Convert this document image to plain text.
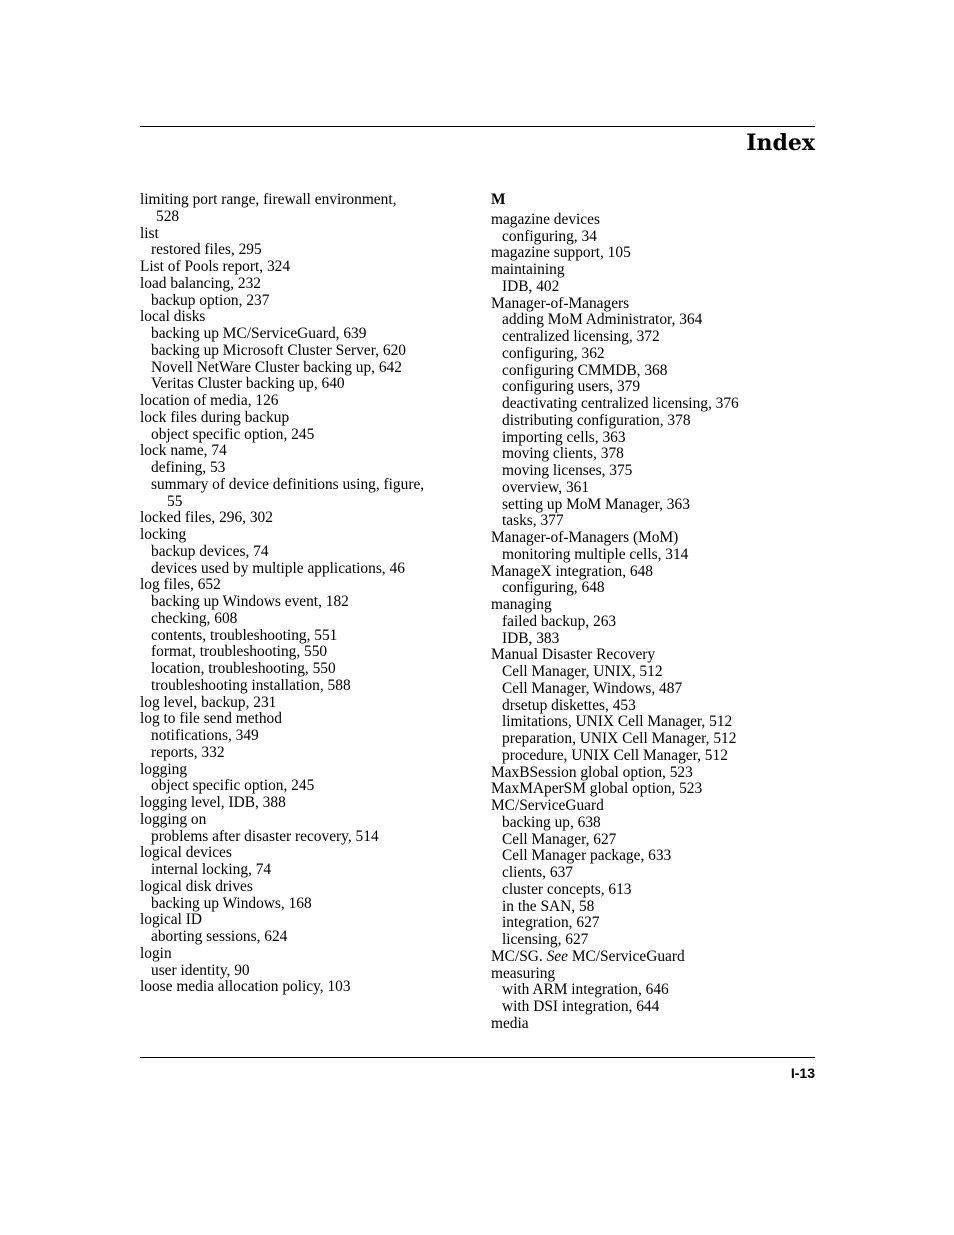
Index
limiting port range, firewall environment,
528
list
restored files, 295
List of Pools report, 324
load balancing, 232
backup option, 237
local disks
backing up MC/ServiceGuard, 639
backing up Microsoft Cluster Server, 620
Novell NetWare Cluster backing up, 642
Veritas Cluster backing up, 640
location of media, 126
lock files during backup
object specific option, 245
lock name, 74
defining, 53
summary of device definitions using, figure,
55
locked files, 296, 302
locking
backup devices, 74
devices used by multiple applications, 46
log files, 652
backing up Windows event, 182
checking, 608
contents, troubleshooting, 551
format, troubleshooting, 550
location, troubleshooting, 550
troubleshooting installation, 588
log level, backup, 231
log to file send method
notifications, 349
reports, 332
logging
object specific option, 245
logging level, IDB, 388
logging on
problems after disaster recovery, 514
logical devices
internal locking, 74
logical disk drives
backing up Windows, 168
logical ID
aborting sessions, 624
login
user identity, 90
loose media allocation policy, 103
M
magazine devices
configuring, 34
magazine support, 105
maintaining
IDB, 402
Manager-of-Managers
adding MoM Administrator, 364
centralized licensing, 372
configuring, 362
configuring CMMDB, 368
configuring users, 379
deactivating centralized licensing, 376
distributing configuration, 378
importing cells, 363
moving clients, 378
moving licenses, 375
overview, 361
setting up MoM Manager, 363
tasks, 377
Manager-of-Managers (MoM)
monitoring multiple cells, 314
ManageX integration, 648
configuring, 648
managing
failed backup, 263
IDB, 383
Manual Disaster Recovery
Cell Manager, UNIX, 512
Cell Manager, Windows, 487
drsetup diskettes, 453
limitations, UNIX Cell Manager, 512
preparation, UNIX Cell Manager, 512
procedure, UNIX Cell Manager, 512
MaxBSession global option, 523
MaxMAperSM global option, 523
MC/ServiceGuard
backing up, 638
Cell Manager, 627
Cell Manager package, 633
clients, 637
cluster concepts, 613
in the SAN, 58
integration, 627
licensing, 627
MC/SG. See MC/ServiceGuard
measuring
with ARM integration, 646
with DSI integration, 644
media
I-13
